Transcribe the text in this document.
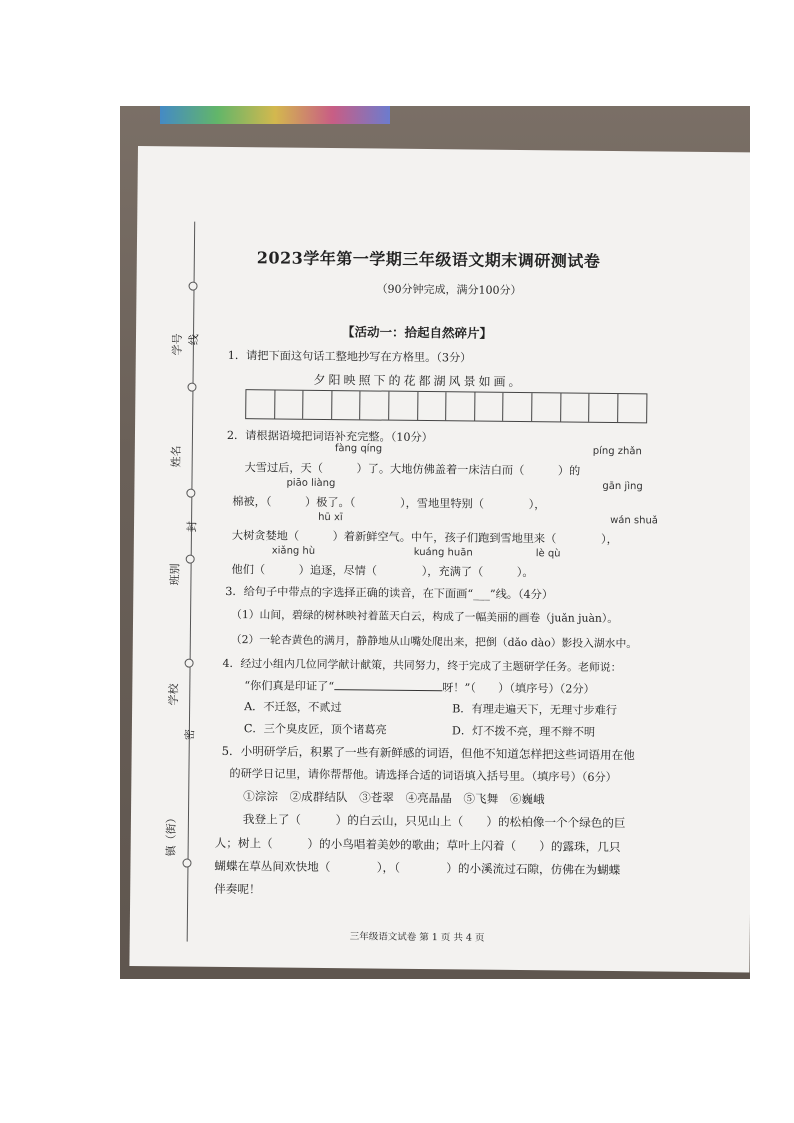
学号 线
姓名
封
班别
学校
密
镇（街）
2023学年第一学期三年级语文期末调研测试卷
（90分钟完成，满分100分）
【活动一：拾起自然碎片】
1．请把下面这句话工整地抄写在方格里。（3分）
夕阳映照下的花都湖风景如画。
2．请根据语境把词语补充完整。（10分）
fàng qíng	píng zhǎn
大雪过后，天（　　　）了。大地仿佛盖着一床洁白而（　　　）的
piāo liàng	gān jìng
棉被，（　　　）极了。（　　　　），雪地里特别（　　　　），
hū xī	wán shuǎ
大树贪婪地（　　　）着新鲜空气。中午，孩子们跑到雪地里来（　　　　），
xiǎng hù	kuáng huān	lè qù
他们（　　　）追逐，尽情（　　　　），充满了（　　　）。
3．给句子中带点的字选择正确的读音，在下面画“___”线。（4分）
（1）山间，碧绿的树林映衬着蓝天白云，构成了一幅美丽的画卷（juǎn juàn）。
（2）一轮杏黄色的满月，静静地从山嘴处爬出来，把倒（dǎo dào）影投入湖水中。
4．经过小组内几位同学献计献策，共同努力，终于完成了主题研学任务。老师说：
“你们真是印证了“	呀！”（　　）（填序号）（2分）
A．不迁怒，不贰过	B．有理走遍天下，无理寸步难行
C．三个臭皮匠，顶个诸葛亮	D．灯不拨不亮，理不辩不明
5．小明研学后，积累了一些有新鲜感的词语，但他不知道怎样把这些词语用在他
的研学日记里，请你帮帮他。请选择合适的词语填入括号里。（填序号）（6分）
①淙淙　②成群结队　③苍翠　④亮晶晶　⑤飞舞　⑥巍峨
我登上了（　　　）的白云山，只见山上（　　）的松柏像一个个绿色的巨
人；树上（　　　）的小鸟唱着美妙的歌曲；草叶上闪着（　　）的露珠，几只
蝴蝶在草丛间欢快地（　　　　），（　　　　）的小溪流过石隙，仿佛在为蝴蝶
伴奏呢！
三年级语文试卷 第 1 页 共 4 页
